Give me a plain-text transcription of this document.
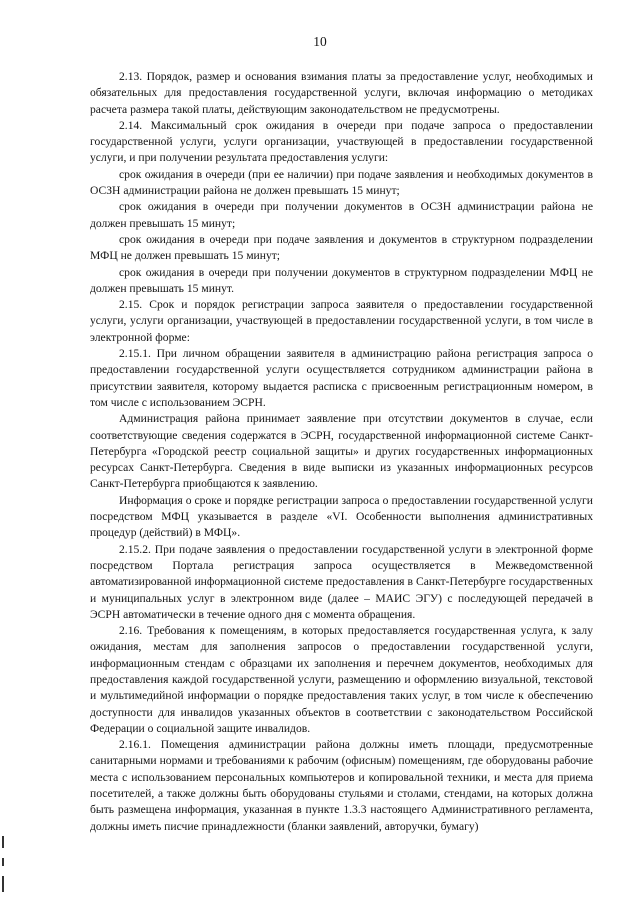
10

2.13. Порядок, размер и основания взимания платы за предоставление услуг, необходимых и обязательных для предоставления государственной услуги, включая информацию о методиках расчета размера такой платы, действующим законодательством не предусмотрены.

2.14. Максимальный срок ожидания в очереди при подаче запроса о предоставлении государственной услуги, услуги организации, участвующей в предоставлении государственной услуги, и при получении результата предоставления услуги:

срок ожидания в очереди (при ее наличии) при подаче заявления и необходимых документов в ОСЗН администрации района не должен превышать 15 минут;

срок ожидания в очереди при получении документов в ОСЗН администрации района не должен превышать 15 минут;

срок ожидания в очереди при подаче заявления и документов в структурном подразделении МФЦ не должен превышать 15 минут;

срок ожидания в очереди при получении документов в структурном подразделении МФЦ не должен превышать 15 минут.

2.15. Срок и порядок регистрации запроса заявителя о предоставлении государственной услуги, услуги организации, участвующей в предоставлении государственной услуги, в том числе в электронной форме:

2.15.1. При личном обращении заявителя в администрацию района регистрация запроса о предоставлении государственной услуги осуществляется сотрудником администрации района в присутствии заявителя, которому выдается расписка с присвоенным регистрационным номером, в том числе с использованием ЭСРН.

Администрация района принимает заявление при отсутствии документов в случае, если соответствующие сведения содержатся в ЭСРН, государственной информационной системе Санкт-Петербурга «Городской реестр социальной защиты» и других государственных информационных ресурсах Санкт-Петербурга. Сведения в виде выписки из указанных информационных ресурсов Санкт-Петербурга приобщаются к заявлению.

Информация о сроке и порядке регистрации запроса о предоставлении государственной услуги посредством МФЦ указывается в разделе «VI. Особенности выполнения административных процедур (действий) в МФЦ».

2.15.2. При подаче заявления о предоставлении государственной услуги в электронной форме посредством Портала регистрация запроса осуществляется в Межведомственной автоматизированной информационной системе предоставления в Санкт-Петербурге государственных и муниципальных услуг в электронном виде (далее – МАИС ЭГУ) с последующей передачей в ЭСРН автоматически в течение одного дня с момента обращения.

2.16. Требования к помещениям, в которых предоставляется государственная услуга, к залу ожидания, местам для заполнения запросов о предоставлении государственной услуги, информационным стендам с образцами их заполнения и перечнем документов, необходимых для предоставления каждой государственной услуги, размещению и оформлению визуальной, текстовой и мультимедийной информации о порядке предоставления таких услуг, в том числе к обеспечению доступности для инвалидов указанных объектов в соответствии с законодательством Российской Федерации о социальной защите инвалидов.

2.16.1. Помещения администрации района должны иметь площади, предусмотренные санитарными нормами и требованиями к рабочим (офисным) помещениям, где оборудованы рабочие места с использованием персональных компьютеров и копировальной техники, и места для приема посетителей, а также должны быть оборудованы стульями и столами, стендами, на которых должна быть размещена информация, указанная в пункте 1.3.3 настоящего Административного регламента, должны иметь писчие принадлежности (бланки заявлений, авторучки, бумагу)
